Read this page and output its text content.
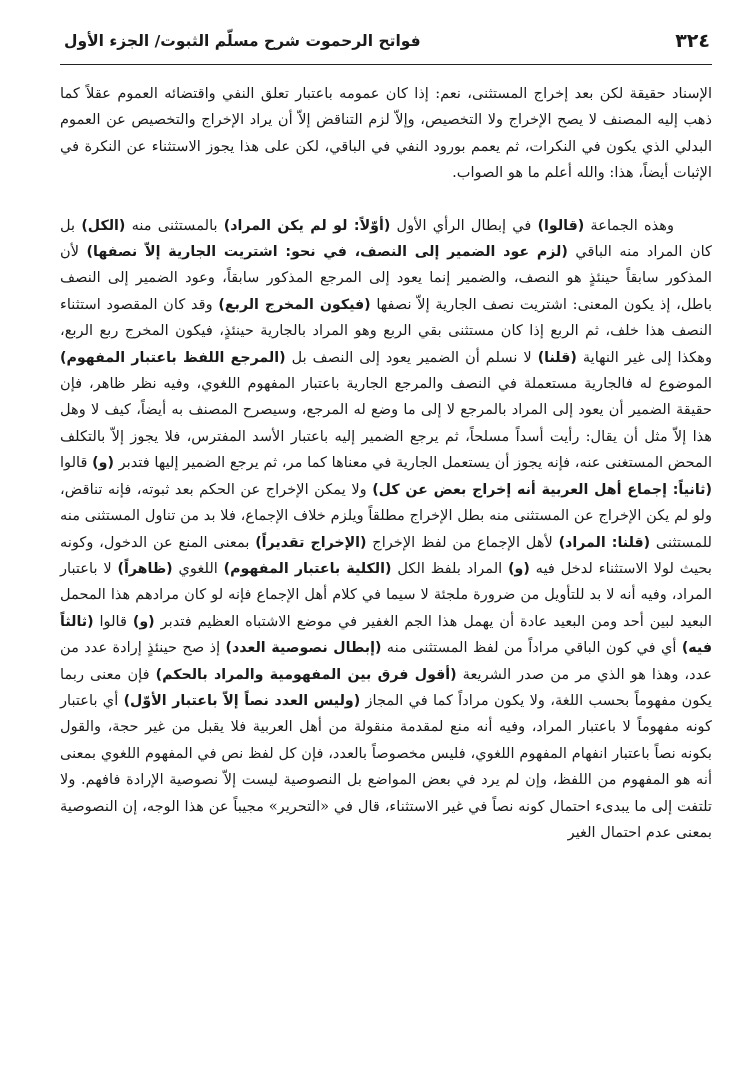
٣٢٤
فواتح الرحموت شرح مسلّم الثبوت/ الجزء الأول

الإسناد حقيقة لكن بعد إخراج المستثنى، نعم: إذا كان عمومه باعتبار تعلق النفي واقتضائه العموم عقلاً كما ذهب إليه المصنف لا يصح الإخراج ولا التخصيص، وإلاّ لزم التناقض إلاّ أن يراد الإخراج والتخصيص عن العموم البدلي الذي يكون في النكرات، ثم يعمم بورود النفي في الباقي، لكن على هذا يجوز الاستثناء عن النكرة في الإثبات أيضاً، هذا: والله أعلم ما هو الصواب.

وهذه الجماعة (قالوا) في إبطال الرأي الأول (أوّلاً: لو لم يكن المراد) بالمستثنى منه (الكل) بل كان المراد منه الباقي (لزم عود الضمير إلى النصف، في نحو: اشتريت الجارية إلاّ نصفها) لأن المذكور سابقاً حينئذٍ هو النصف، والضمير إنما يعود إلى المرجع المذكور سابقاً، وعود الضمير إلى النصف باطل، إذ يكون المعنى: اشتريت نصف الجارية إلاّ نصفها (فيكون المخرج الربع) وقد كان المقصود استثناء النصف هذا خلف، ثم الربع إذا كان مستثنى بقي الربع وهو المراد بالجارية حينئذٍ، فيكون المخرج ربع الربع، وهكذا إلى غير النهاية (قلنا) لا نسلم أن الضمير يعود إلى النصف بل (المرجع اللفظ باعتبار المفهوم) الموضوع له فالجارية مستعملة في النصف والمرجع الجارية باعتبار المفهوم اللغوي، وفيه نظر ظاهر، فإن حقيقة الضمير أن يعود إلى المراد بالمرجع لا إلى ما وضع له المرجع، وسيصرح المصنف به أيضاً، كيف لا وهل هذا إلاّ مثل أن يقال: رأيت أسداً مسلحاً، ثم يرجع الضمير إليه باعتبار الأسد المفترس، فلا يجوز إلاّ بالتكلف المحض المستغنى عنه، فإنه يجوز أن يستعمل الجارية في معناها كما مر، ثم يرجع الضمير إليها فتدبر (و) قالوا (ثانياً: إجماع أهل العربية أنه إخراج بعض عن كل) ولا يمكن الإخراج عن الحكم بعد ثبوته، فإنه تناقض، ولو لم يكن الإخراج عن المستثنى منه بطل الإخراج مطلقاً ويلزم خلاف الإجماع، فلا بد من تناول المستثنى منه للمستثنى (قلنا: المراد) لأهل الإجماع من لفظ الإخراج (الإخراج تقديراً) بمعنى المنع عن الدخول، وكونه بحيث لولا الاستثناء لدخل فيه (و) المراد بلفظ الكل (الكلية باعتبار المفهوم) اللغوي (ظاهراً) لا باعتبار المراد، وفيه أنه لا بد للتأويل من ضرورة ملجئة لا سيما في كلام أهل الإجماع فإنه لو كان مرادهم هذا المحمل البعيد لبين أحد ومن البعيد عادة أن يهمل هذا الجم الغفير في موضع الاشتباه العظيم فتدبر (و) قالوا (ثالثاً فيه) أي في كون الباقي مراداً من لفظ المستثنى منه (إبطال نصوصية العدد) إذ صح حينئذٍ إرادة عدد من عدد، وهذا هو الذي مر من صدر الشريعة (أقول فرق بين المفهومية والمراد بالحكم) فإن معنى ربما يكون مفهوماً بحسب اللغة، ولا يكون مراداً كما في المجاز (وليس العدد نصاً إلاّ باعتبار الأوّل) أي باعتبار كونه مفهوماً لا باعتبار المراد، وفيه أنه منع لمقدمة منقولة من أهل العربية فلا يقبل من غير حجة، والقول بكونه نصاً باعتبار انفهام المفهوم اللغوي، فليس مخصوصاً بالعدد، فإن كل لفظ نص في المفهوم اللغوي بمعنى أنه هو المفهوم من اللفظ، وإن لم يرد في بعض المواضع بل النصوصية ليست إلاّ نصوصية الإرادة فافهم. ولا تلتفت إلى ما يبدىء احتمال كونه نصاً في غير الاستثناء، قال في «التحرير» مجيباً عن هذا الوجه، إن النصوصية بمعنى عدم احتمال الغير
